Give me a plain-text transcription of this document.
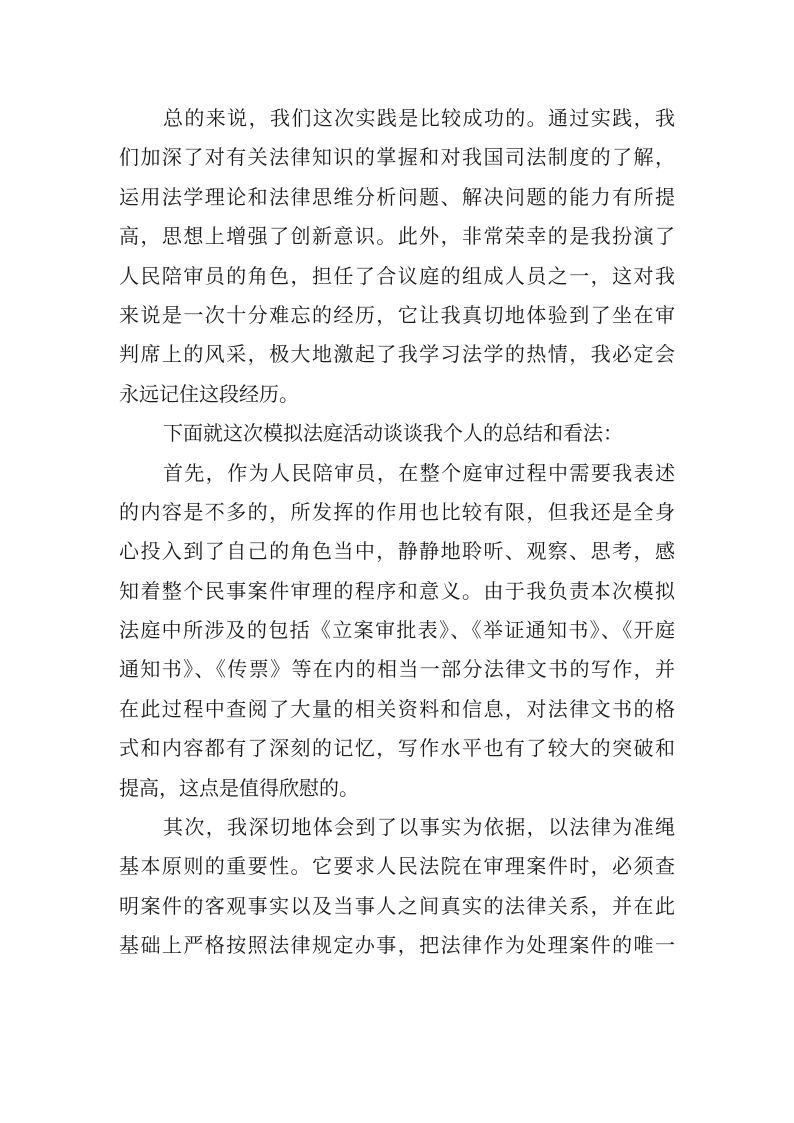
总的来说，我们这次实践是比较成功的。通过实践，我
们加深了对有关法律知识的掌握和对我国司法制度的了解，
运用法学理论和法律思维分析问题、解决问题的能力有所提
高，思想上增强了创新意识。此外，非常荣幸的是我扮演了
人民陪审员的角色，担任了合议庭的组成人员之一，这对我
来说是一次十分难忘的经历，它让我真切地体验到了坐在审
判席上的风采，极大地激起了我学习法学的热情，我必定会
永远记住这段经历。
下面就这次模拟法庭活动谈谈我个人的总结和看法：
首先，作为人民陪审员，在整个庭审过程中需要我表述
的内容是不多的，所发挥的作用也比较有限，但我还是全身
心投入到了自己的角色当中，静静地聆听、观察、思考，感
知着整个民事案件审理的程序和意义。由于我负责本次模拟
法庭中所涉及的包括《立案审批表》、《举证通知书》、《开庭
通知书》、《传票》等在内的相当一部分法律文书的写作，并
在此过程中查阅了大量的相关资料和信息，对法律文书的格
式和内容都有了深刻的记忆，写作水平也有了较大的突破和
提高，这点是值得欣慰的。
其次，我深切地体会到了以事实为依据，以法律为准绳
基本原则的重要性。它要求人民法院在审理案件时，必须查
明案件的客观事实以及当事人之间真实的法律关系，并在此
基础上严格按照法律规定办事，把法律作为处理案件的唯一
